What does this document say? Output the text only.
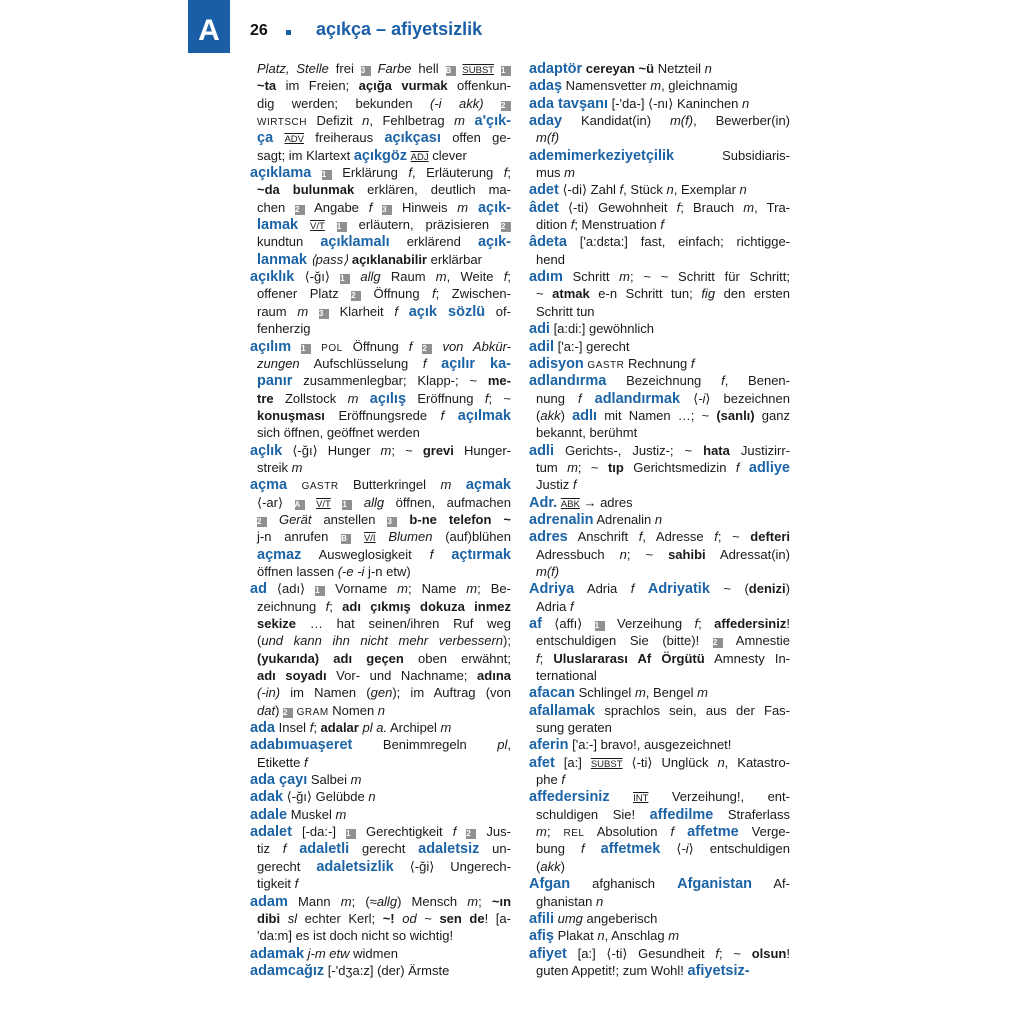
A	26	açıkça – afiyetsizlik
Platz, Stelle frei 3 Farbe hell B SUBST 1
~ta im Freien; açığa vurmak offenkun-
dig werden; bekunden (-i akk) 2
WIRTSCH Defizit n, Fehlbetrag m a'çık-
ça ADV freiheraus açıkçası offen ge-
sagt; im Klartext açıkgöz ADJ clever
açıklama 1 Erklärung f, Erläuterung f;
~da bulunmak erklären, deutlich ma-
chen 2 Angabe f 3 Hinweis m açık-
lamak V/T 1 erläutern, präzisieren 2
kundtun açıklamalı erklärend açık-
lanmak ⟨pass⟩ açıklanabilir erklärbar
açıklık ⟨-ğı⟩ 1 allg Raum m, Weite f;
offener Platz 2 Öffnung f; Zwischen-
raum m 3 Klarheit f açık sözlü of-
fenherzig
açılım 1 POL Öffnung f 2 von Abkür-
zungen Aufschlüsselung f açılır ka-
panır zusammenlegbar; Klapp-; ~ me-
tre Zollstock m açılış Eröffnung f; ~
konuşması Eröffnungsrede f açılmak
sich öffnen, geöffnet werden
açlık ⟨-ğı⟩ Hunger m; ~ grevi Hunger-
streik m
açma GASTR Butterkringel m açmak
⟨-ar⟩ A V/T 1 allg öffnen, aufmachen
2 Gerät anstellen 3 b-ne telefon ~
j-n anrufen B V/I Blumen (auf)blühen
açmaz Ausweglosigkeit f açtırmak
öffnen lassen (-e -i j-n etw)
ad ⟨adı⟩ 1 Vorname m; Name m; Be-
zeichnung f; adı çıkmış dokuza inmez
sekize … hat seinen/ihren Ruf weg
(und kann ihn nicht mehr verbessern);
(yukarıda) adı geçen oben erwähnt;
adı soyadı Vor- und Nachname; adına
(-in) im Namen (gen); im Auftrag (von
dat) 2 GRAM Nomen n
ada Insel f; adalar pl a. Archipel m
adabımuaşeret Benimmregeln pl,
Etikette f
ada çayı Salbei m
adak ⟨-ğı⟩ Gelübde n
adale Muskel m
adalet [-da:-] 1 Gerechtigkeit f 2 Jus-
tiz f adaletli gerecht adaletsiz un-
gerecht adaletsizlik ⟨-ği⟩ Ungerech-
tigkeit f
adam Mann m; (≈allg) Mensch m; ~ın
dibi sl echter Kerl; ~! od ~ sen de! [a-
'da:m] es ist doch nicht so wichtig!
adamak j-m etw widmen
adamcağız [-'dʒa:z] (der) Ärmste
adaptör cereyan ~ü Netzteil n
adaş Namensvetter m, gleichnamig
ada tavşanı [-'da-] ⟨-nı⟩ Kaninchen n
aday Kandidat(in) m(f), Bewerber(in)
m(f)
ademimerkeziyetçilik Subsidiaris-
mus m
adet ⟨-di⟩ Zahl f, Stück n, Exemplar n
âdet ⟨-ti⟩ Gewohnheit f; Brauch m, Tra-
dition f; Menstruation f
âdeta ['a:dɛta:] fast, einfach; richtigge-
hend
adım Schritt m; ~ ~ Schritt für Schritt;
~ atmak e-n Schritt tun; fig den ersten
Schritt tun
adi [a:di:] gewöhnlich
adil ['a:-] gerecht
adisyon GASTR Rechnung f
adlandırma Bezeichnung f, Benen-
nung f adlandırmak ⟨-i⟩ bezeichnen
(akk) adlı mit Namen …; ~ (sanlı) ganz
bekannt, berühmt
adli Gerichts-, Justiz-; ~ hata Justizirr-
tum m; ~ tıp Gerichtsmedizin f adliye
Justiz f
Adr. ABK → adres
adrenalin Adrenalin n
adres Anschrift f, Adresse f; ~ defteri
Adressbuch n; ~ sahibi Adressat(in)
m(f)
Adriya Adria f Adriyatik ~ (denizi)
Adria f
af ⟨affı⟩ 1 Verzeihung f; affedersiniz!
entschuldigen Sie (bitte)! 2 Amnestie
f; Uluslararası Af Örgütü Amnesty In-
ternational
afacan Schlingel m, Bengel m
afallamak sprachlos sein, aus der Fas-
sung geraten
aferin ['a:-] bravo!, ausgezeichnet!
afet [a:] SUBST ⟨-ti⟩ Unglück n, Katastro-
phe f
affedersiniz INT Verzeihung!, ent-
schuldigen Sie! affedilme Straferlass
m; REL Absolution f affetme Verge-
bung f affetmek ⟨-i⟩ entschuldigen
(akk)
Afgan afghanisch Afganistan Af-
ghanistan n
afili umg angeberisch
afiş Plakat n, Anschlag m
afiyet [a:] ⟨-ti⟩ Gesundheit f; ~ olsun!
guten Appetit!; zum Wohl! afiyetsiz-
